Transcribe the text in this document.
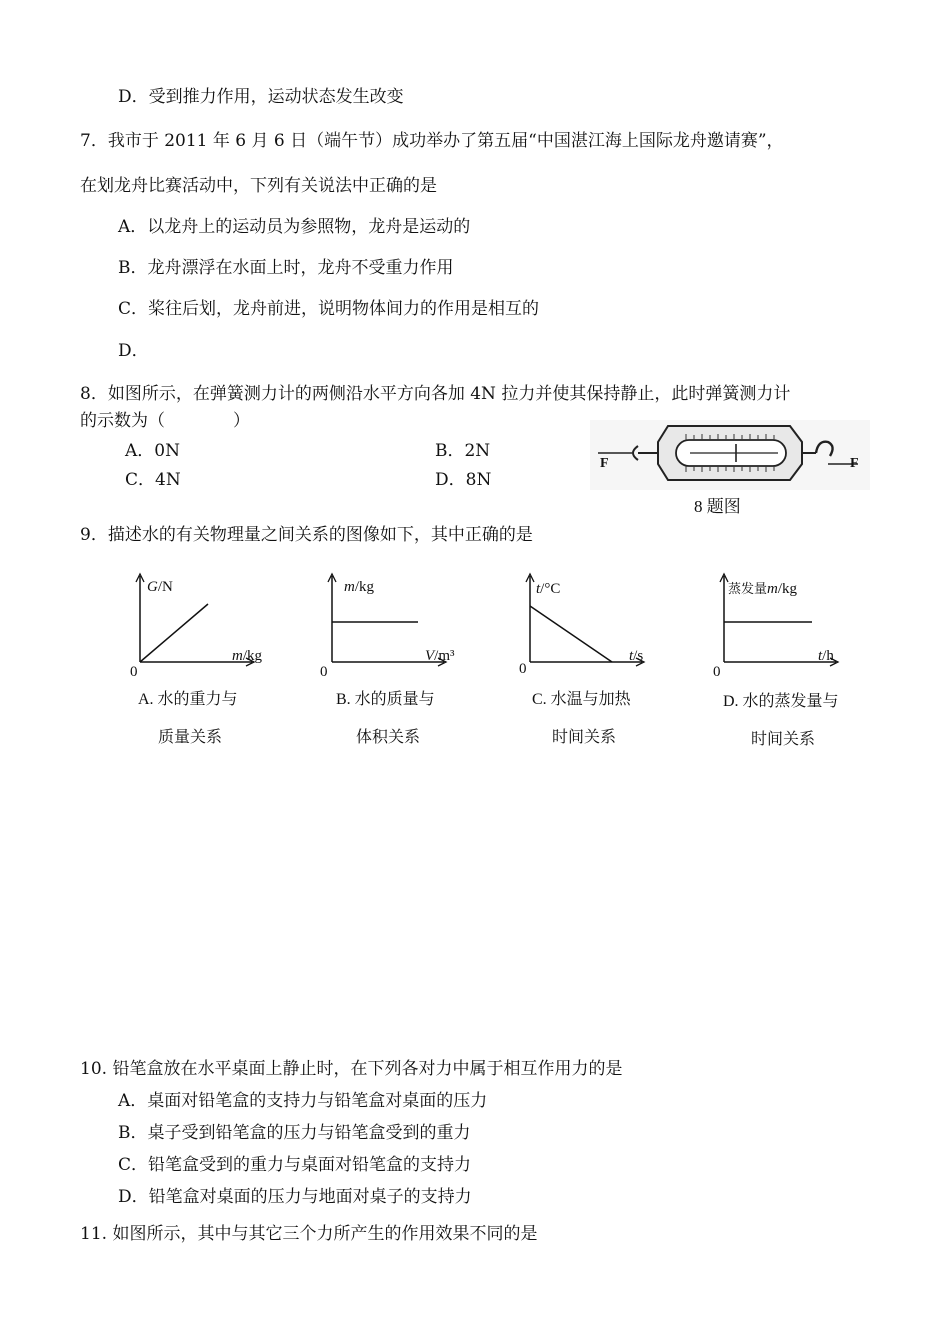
D．受到推力作用，运动状态发生改变
7．我市于 2011 年 6 月 6 日（端午节）成功举办了第五届“中国湛江海上国际龙舟邀请赛”，
在划龙舟比赛活动中，下列有关说法中正确的是
A．以龙舟上的运动员为参照物，龙舟是运动的
B．龙舟漂浮在水面上时，龙舟不受重力作用
C．桨往后划，龙舟前进，说明物体间力的作用是相互的
D．
8．如图所示，在弹簧测力计的两侧沿水平方向各加 4N 拉力并使其保持静止，此时弹簧测力计
的示数为（　　　　）
A．0N	B．2N
C．4N	D．8N
F	F
8 题图
9．描述水的有关物理量之间关系的图像如下，其中正确的是
G/N
m/kg
0
A. 水的重力与
质量关系
m/kg
V/m³
0
B. 水的质量与
体积关系
t/°C
t/s
0
C. 水温与加热
时间关系
蒸发量m/kg
t/h
0
D. 水的蒸发量与
时间关系
10. 铅笔盒放在水平桌面上静止时，在下列各对力中属于相互作用力的是
A．桌面对铅笔盒的支持力与铅笔盒对桌面的压力
B．桌子受到铅笔盒的压力与铅笔盒受到的重力
C．铅笔盒受到的重力与桌面对铅笔盒的支持力
D．铅笔盒对桌面的压力与地面对桌子的支持力
11. 如图所示，其中与其它三个力所产生的作用效果不同的是
